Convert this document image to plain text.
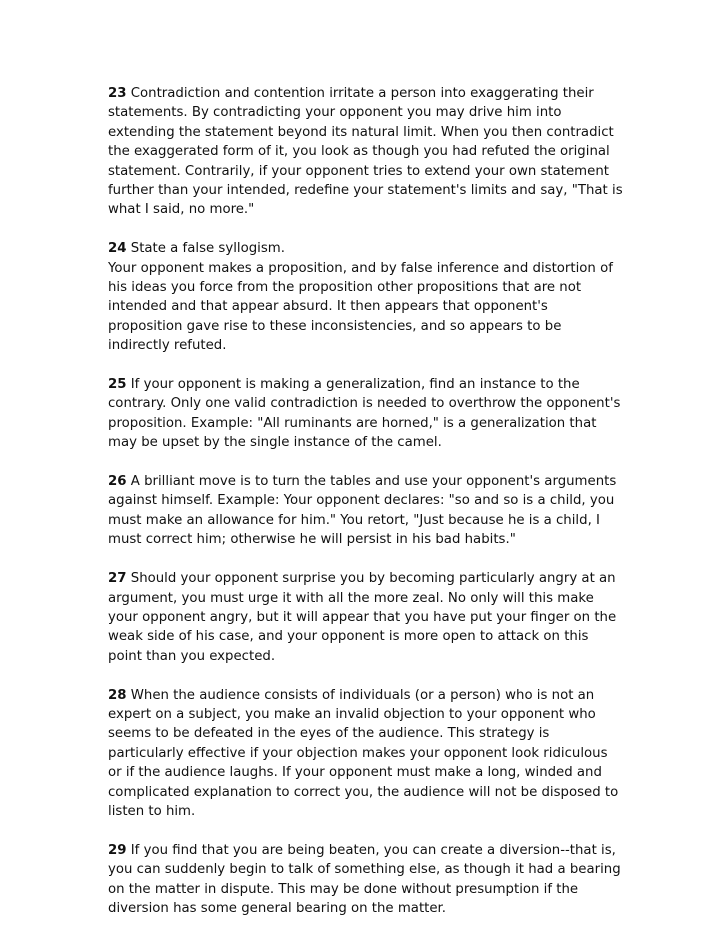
23 Contradiction and contention irritate a person into exaggerating their statements. By contradicting your opponent you may drive him into extending the statement beyond its natural limit. When you then contradict the exaggerated form of it, you look as though you had refuted the original statement. Contrarily, if your opponent tries to extend your own statement further than your intended, redefine your statement's limits and say, "That is what I said, no more."

24 State a false syllogism.
Your opponent makes a proposition, and by false inference and distortion of his ideas you force from the proposition other propositions that are not intended and that appear absurd. It then appears that opponent's proposition gave rise to these inconsistencies, and so appears to be indirectly refuted.

25 If your opponent is making a generalization, find an instance to the contrary. Only one valid contradiction is needed to overthrow the opponent's proposition. Example: "All ruminants are horned," is a generalization that may be upset by the single instance of the camel.

26 A brilliant move is to turn the tables and use your opponent's arguments against himself. Example: Your opponent declares: "so and so is a child, you must make an allowance for him." You retort, "Just because he is a child, I must correct him; otherwise he will persist in his bad habits."

27 Should your opponent surprise you by becoming particularly angry at an argument, you must urge it with all the more zeal. No only will this make your opponent angry, but it will appear that you have put your finger on the weak side of his case, and your opponent is more open to attack on this point than you expected.

28 When the audience consists of individuals (or a person) who is not an expert on a subject, you make an invalid objection to your opponent who seems to be defeated in the eyes of the audience. This strategy is particularly effective if your objection makes your opponent look ridiculous or if the audience laughs. If your opponent must make a long, winded and complicated explanation to correct you, the audience will not be disposed to listen to him.

29 If you find that you are being beaten, you can create a diversion--that is, you can suddenly begin to talk of something else, as though it had a bearing on the matter in dispute. This may be done without presumption if the diversion has some general bearing on the matter.
